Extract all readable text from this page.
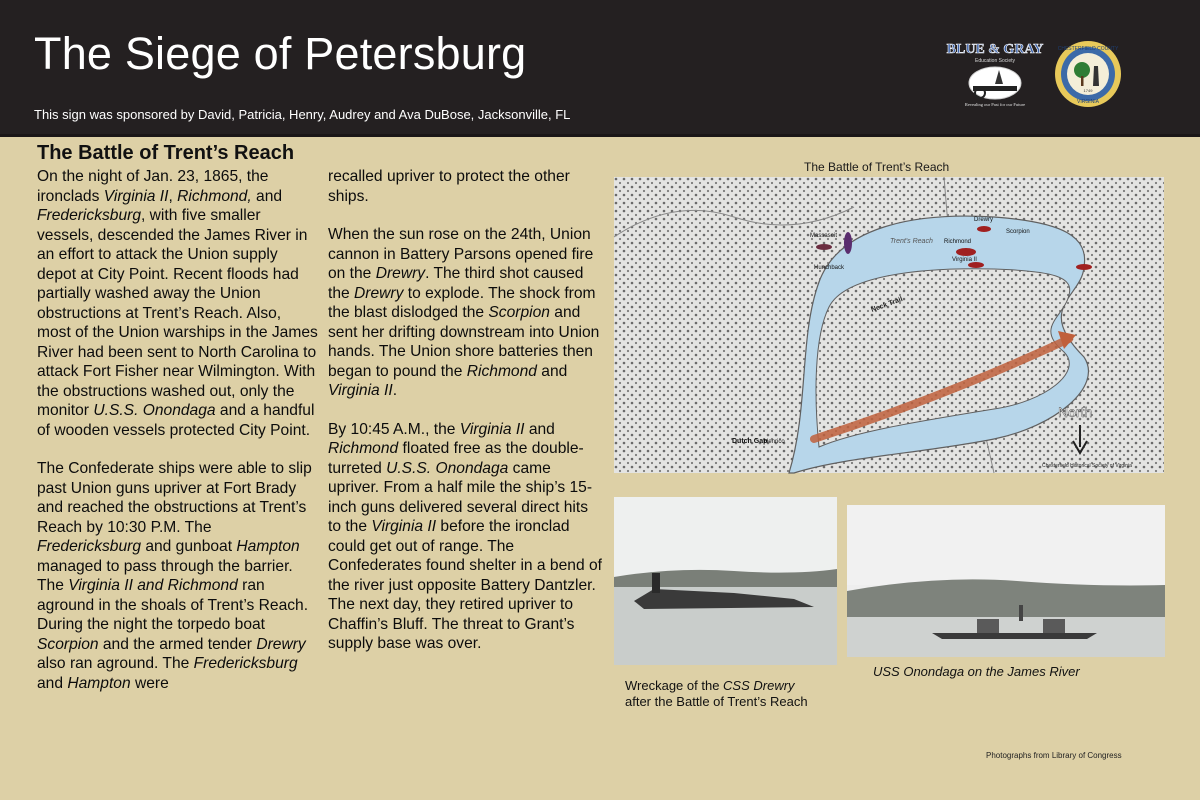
The Siege of Petersburg
This sign was sponsored by David, Patricia, Henry, Audrey and Ava DuBose, Jacksonville, FL
BLUE & GRAY
Education Society
Revealing our Past for our Future
CHESTERFIELD COUNTY
VIRGINIA
1749
The Battle of Trent’s Reach

On the night of Jan. 23, 1865, the ironclads Virginia II, Richmond, and Fredericksburg, with five smaller vessels, descended the James River in an effort to attack the Union supply depot at City Point. Recent floods had partially washed away the Union obstructions at Trent’s Reach. Also, most of the Union warships in the James River had been sent to North Carolina to attack Fort Fisher near Wilmington. With the obstructions washed out, only the monitor U.S.S. Onondaga and a handful of wooden vessels protected City Point.

The Confederate ships were able to slip past Union guns upriver at Fort Brady and reached the obstructions at Trent’s Reach by 10:30 P.M. The Fredericksburg and gunboat Hampton managed to pass through the barrier. The Virginia II and Richmond ran aground in the shoals of Trent’s Reach. During the night the torpedo boat Scorpion and the armed tender Drewry also ran aground. The Fredericksburg and Hampton were

recalled upriver to protect the other ships.

When the sun rose on the 24th, Union cannon in Battery Parsons opened fire on the Drewry. The third shot caused the Drewry to explode. The shock from the blast dislodged the Scorpion and sent her drifting downstream into Union hands. The Union shore batteries then began to pound the Richmond and Virginia II.

By 10:45 A.M., the Virginia II and Richmond floated free as the double-turreted U.S.S. Onondaga came upriver. From a half mile the ship’s 15-inch guns delivered several direct hits to the Virginia II before the ironclad could get out of range. The Confederates found shelter in a bend of the river just opposite Battery Dantzler. The next day, they retired upriver to Chaffin’s Bluff. The threat to Grant’s supply base was over.

The Battle of Trent’s Reach
Trent's Reach Richmond
Virginia II
Drewry
Scorpion
Hunchback
Massasoit
Neck Trail
Dutch Gap
Henrico
North
Chesterfield Historical Society of Virginia
Wreckage of the CSS Drewry
after the Battle of Trent’s Reach
USS Onondaga on the James River
Photographs from Library of Congress
